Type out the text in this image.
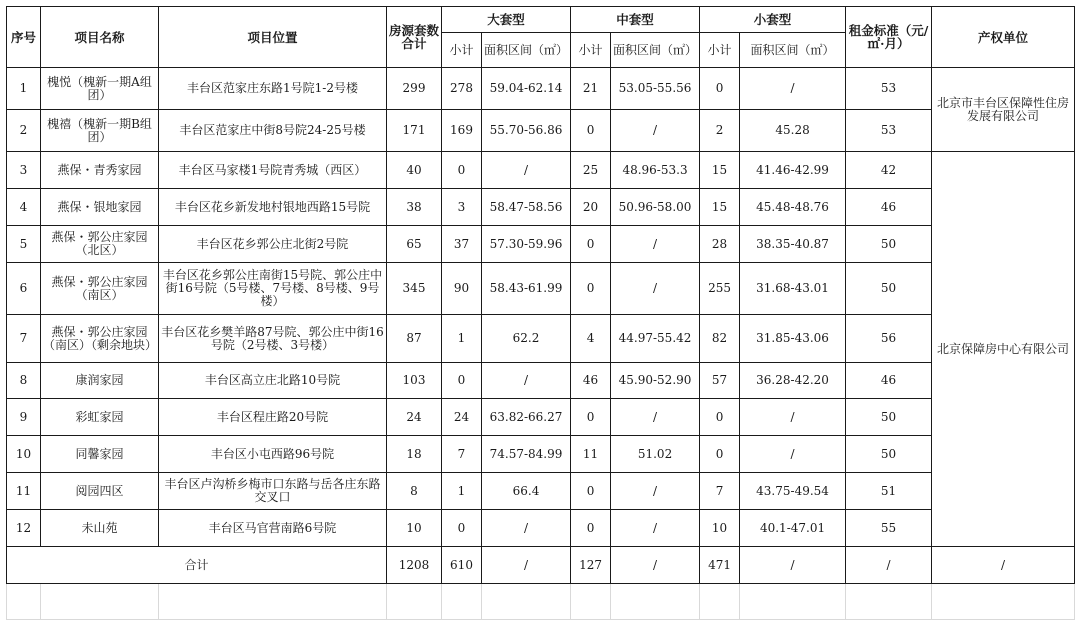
序号	项目名称	项目位置	房源套数合计	大套型		中套型		小套型		租金标准（元/㎡·月）	产权单位
				小计	面积区间（㎡）	小计	面积区间（㎡）	小计	面积区间（㎡）		
1	槐悦（槐新一期A组团）	丰台区范家庄东路1号院1-2号楼	299	278	59.04-62.14	21	53.05-55.56	0	/	53	北京市丰台区保障性住房发展有限公司
2	槐禧（槐新一期B组团）	丰台区范家庄中街8号院24-25号楼	171	169	55.70-56.86	0	/	2	45.28	53	
3	燕保・青秀家园	丰台区马家楼1号院青秀城（西区）	40	0	/	25	48.96-53.3	15	41.46-42.99	42	北京保障房中心有限公司
4	燕保・银地家园	丰台区花乡新发地村银地西路15号院	38	3	58.47-58.56	20	50.96-58.00	15	45.48-48.76	46	
5	燕保・郭公庄家园（北区）	丰台区花乡郭公庄北街2号院	65	37	57.30-59.96	0	/	28	38.35-40.87	50	
6	燕保・郭公庄家园（南区）	丰台区花乡郭公庄南街15号院、郭公庄中街16号院（5号楼、7号楼、8号楼、9号楼）	345	90	58.43-61.99	0	/	255	31.68-43.01	50	
7	燕保・郭公庄家园（南区）（剩余地块）	丰台区花乡樊羊路87号院、郭公庄中街16号院（2号楼、3号楼）	87	1	62.2	4	44.97-55.42	82	31.85-43.06	56	
8	康润家园	丰台区高立庄北路10号院	103	0	/	46	45.90-52.90	57	36.28-42.20	46	
9	彩虹家园	丰台区程庄路20号院	24	24	63.82-66.27	0	/	0	/	50	
10	同馨家园	丰台区小屯西路96号院	18	7	74.57-84.99	11	51.02	0	/	50	
11	阅园四区	丰台区卢沟桥乡梅市口东路与岳各庄东路交叉口	8	1	66.4	0	/	7	43.75-49.54	51	
12	未山苑	丰台区马官营南路6号院	10	0	/	0	/	10	40.1-47.01	55	
合计			1208	610	/	127	/	471	/	/	/
